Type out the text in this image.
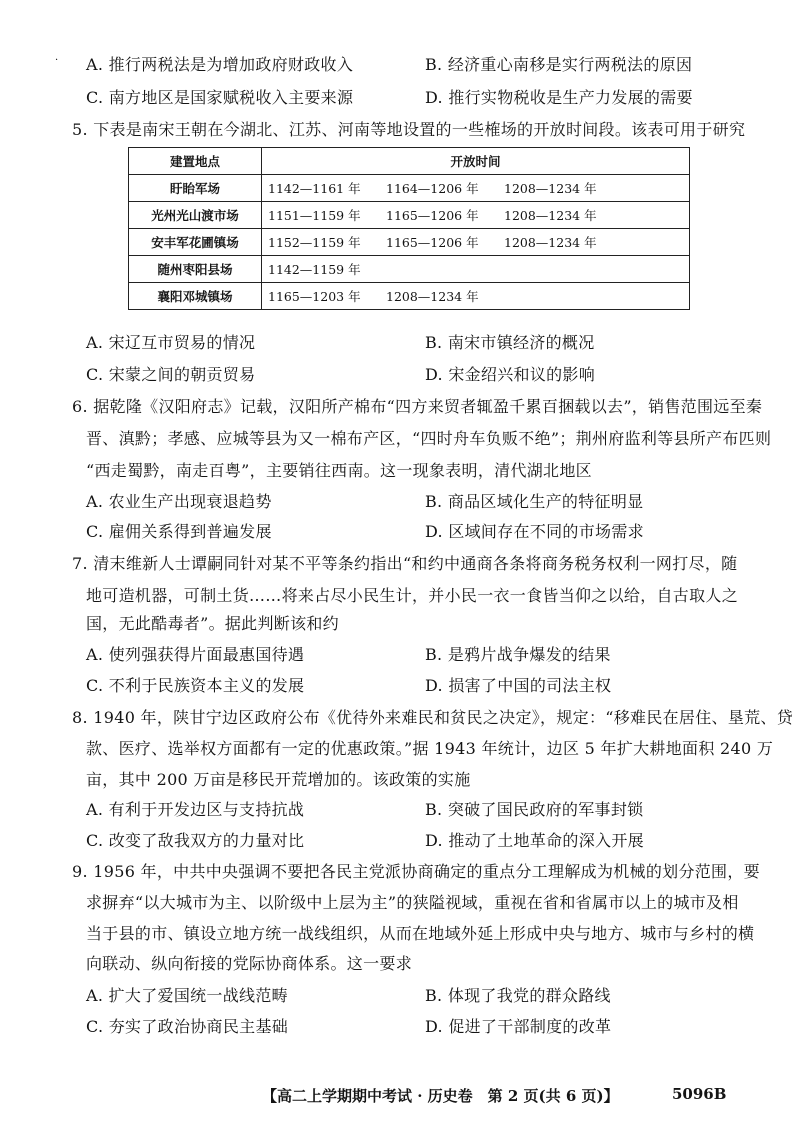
· A. 推行两税法是为增加政府财政收入	B. 经济重心南移是实行两税法的原因
C. 南方地区是国家赋税收入主要来源	D. 推行实物税收是生产力发展的需要
5. 下表是南宋王朝在今湖北、江苏、河南等地设置的一些榷场的开放时间段。该表可用于研究
建置地点	开放时间
盱眙军场	1142—1161 年 1164—1206 年 1208—1234 年
光州光山渡市场	1151—1159 年 1165—1206 年 1208—1234 年
安丰军花圃镇场	1152—1159 年 1165—1206 年 1208—1234 年
随州枣阳县场	1142—1159 年
襄阳邓城镇场	1165—1203 年 1208—1234 年
A. 宋辽互市贸易的情况	B. 南宋市镇经济的概况
C. 宋蒙之间的朝贡贸易	D. 宋金绍兴和议的影响
6. 据乾隆《汉阳府志》记载，汉阳所产棉布“四方来贸者辄盈千累百捆载以去”，销售范围远至秦
晋、滇黔；孝感、应城等县为又一棉布产区，“四时舟车负贩不绝”；荆州府监利等县所产布匹则
“西走蜀黔，南走百粤”，主要销往西南。这一现象表明，清代湖北地区
A. 农业生产出现衰退趋势	B. 商品区域化生产的特征明显
C. 雇佣关系得到普遍发展	D. 区域间存在不同的市场需求
7. 清末维新人士谭嗣同针对某不平等条约指出“和约中通商各条将商务税务权利一网打尽，随
地可造机器，可制土货……将来占尽小民生计，并小民一衣一食皆当仰之以给，自古取人之
国，无此酷毒者”。据此判断该和约
A. 使列强获得片面最惠国待遇	B. 是鸦片战争爆发的结果
C. 不利于民族资本主义的发展	D. 损害了中国的司法主权
8. 1940 年，陕甘宁边区政府公布《优待外来难民和贫民之决定》，规定：“移难民在居住、垦荒、贷
款、医疗、选举权方面都有一定的优惠政策。”据 1943 年统计，边区 5 年扩大耕地面积 240 万
亩，其中 200 万亩是移民开荒增加的。该政策的实施
A. 有利于开发边区与支持抗战	B. 突破了国民政府的军事封锁
C. 改变了敌我双方的力量对比	D. 推动了土地革命的深入开展
9. 1956 年，中共中央强调不要把各民主党派协商确定的重点分工理解成为机械的划分范围，要
求摒弃“以大城市为主、以阶级中上层为主”的狭隘视域，重视在省和省属市以上的城市及相
当于县的市、镇设立地方统一战线组织，从而在地域外延上形成中央与地方、城市与乡村的横
向联动、纵向衔接的党际协商体系。这一要求
A. 扩大了爱国统一战线范畴	B. 体现了我党的群众路线
C. 夯实了政治协商民主基础	D. 促进了干部制度的改革
【高二上学期期中考试 · 历史卷　第 2 页(共 6 页)】	5096B
